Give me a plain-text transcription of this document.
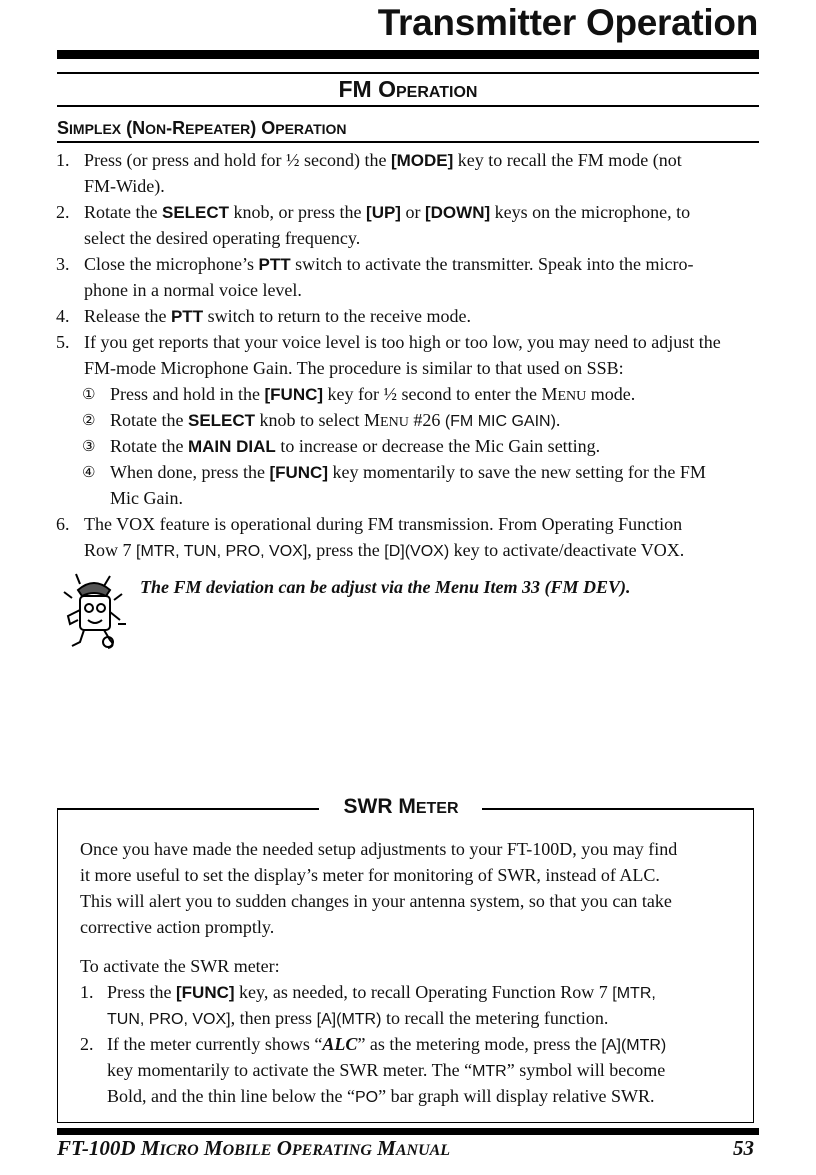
Transmitter Operation
FM OPERATION
SIMPLEX (NON-REPEATER) OPERATION
1. Press (or press and hold for ½ second) the [MODE] key to recall the FM mode (not

FM-Wide).

2. Rotate the SELECT knob, or press the [UP] or [DOWN] keys on the microphone, to

select the desired operating frequency.

3. Close the microphone’s PTT switch to activate the transmitter. Speak into the micro-

phone in a normal voice level.

4. Release the PTT switch to return to the receive mode.

5. If you get reports that your voice level is too high or too low, you may need to adjust the

FM-mode Microphone Gain. The procedure is similar to that used on SSB:

① Press and hold in the [FUNC] key for ½ second to enter the MENU mode.

② Rotate the SELECT knob to select MENU #26 (FM MIC GAIN).

③ Rotate the MAIN DIAL to increase or decrease the Mic Gain setting.

④ When done, press the [FUNC] key momentarily to save the new setting for the FM

Mic Gain.

6. The VOX feature is operational during FM transmission. From Operating Function

Row 7 [MTR, TUN, PRO, VOX], press the [D](VOX) key to activate/deactivate VOX.

The FM deviation can be adjust via the Menu Item 33 (FM DEV).
SWR METER

Once you have made the needed setup adjustments to your FT-100D, you may find

it more useful to set the display’s meter for monitoring of SWR, instead of ALC.

This will alert you to sudden changes in your antenna system, so that you can take

corrective action promptly.

To activate the SWR meter:

1. Press the [FUNC] key, as needed, to recall Operating Function Row 7 [MTR,

TUN, PRO, VOX], then press [A](MTR) to recall the metering function.

2. If the meter currently shows “ALC” as the metering mode, press the [A](MTR)

key momentarily to activate the SWR meter. The “MTR” symbol will become

Bold, and the thin line below the “PO” bar graph will display relative SWR.

FT-100D MICRO MOBILE OPERATING MANUAL	53
